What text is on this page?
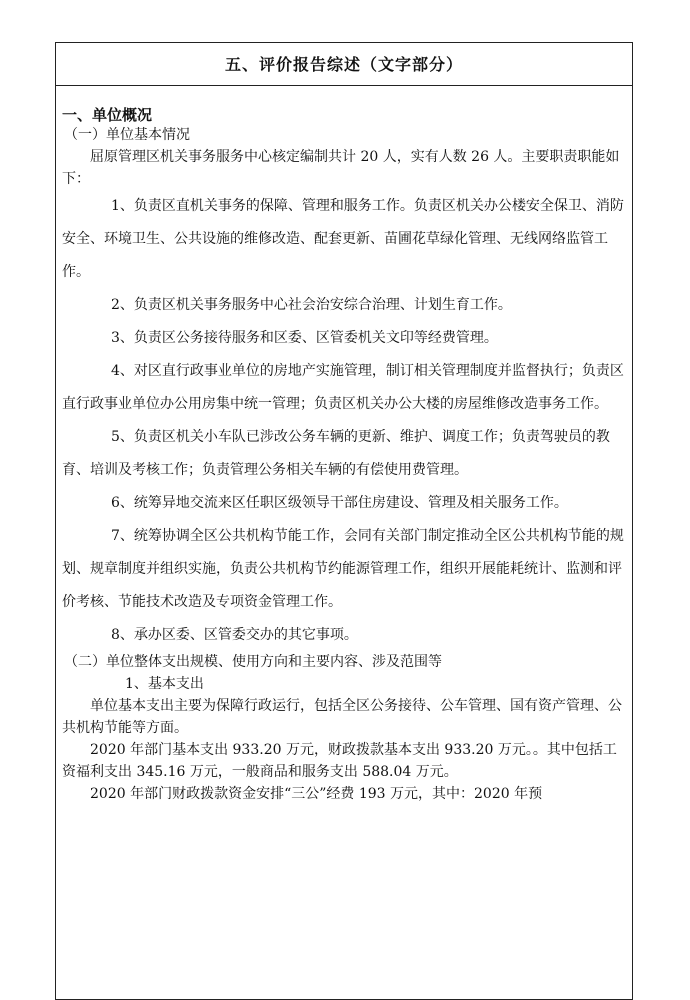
五、评价报告综述（文字部分）

一、单位概况

（一）单位基本情况

屈原管理区机关事务服务中心核定编制共计 20 人，实有人数 26 人。主要职责职能如下：

1、负责区直机关事务的保障、管理和服务工作。负责区机关办公楼安全保卫、消防安全、环境卫生、公共设施的维修改造、配套更新、苗圃花草绿化管理、无线网络监管工作。

2、负责区机关事务服务中心社会治安综合治理、计划生育工作。

3、负责区公务接待服务和区委、区管委机关文印等经费管理。

4、对区直行政事业单位的房地产实施管理，制订相关管理制度并监督执行；负责区直行政事业单位办公用房集中统一管理；负责区机关办公大楼的房屋维修改造事务工作。

5、负责区机关小车队已涉改公务车辆的更新、维护、调度工作；负责驾驶员的教育、培训及考核工作；负责管理公务相关车辆的有偿使用费管理。

6、统筹异地交流来区任职区级领导干部住房建设、管理及相关服务工作。

7、统筹协调全区公共机构节能工作，会同有关部门制定推动全区公共机构节能的规划、规章制度并组织实施，负责公共机构节约能源管理工作，组织开展能耗统计、监测和评价考核、节能技术改造及专项资金管理工作。

8、承办区委、区管委交办的其它事项。

（二）单位整体支出规模、使用方向和主要内容、涉及范围等

1、基本支出

单位基本支出主要为保障行政运行，包括全区公务接待、公车管理、国有资产管理、公共机构节能等方面。

2020 年部门基本支出 933.20 万元，财政拨款基本支出 933.20 万元。。其中包括工资福利支出 345.16 万元，一般商品和服务支出 588.04 万元。

2020 年部门财政拨款资金安排“三公”经费 193 万元，其中：2020 年预
